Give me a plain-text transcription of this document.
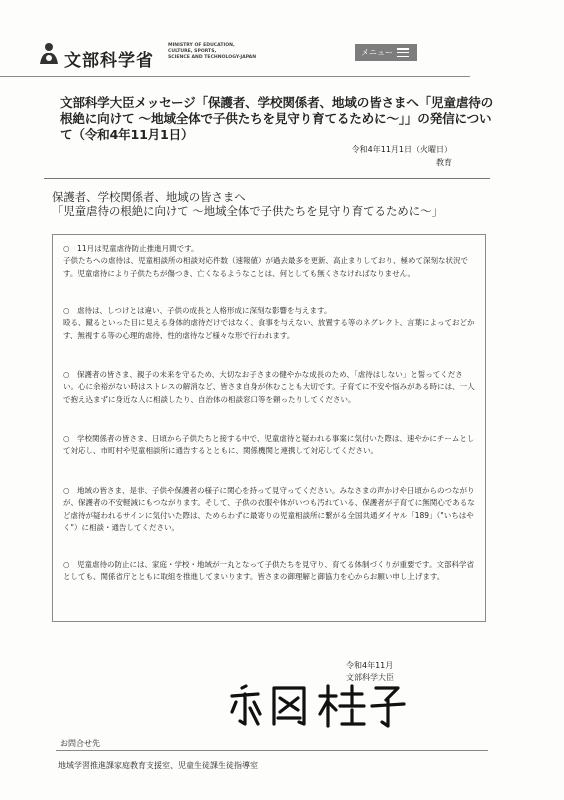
文部科学省
MINISTRY OF EDUCATION,
CULTURE, SPORTS,
SCIENCE AND TECHNOLOGY-JAPAN
メニュー
文部科学大臣メッセージ「保護者、学校関係者、地域の皆さまへ「児童虐待の根絶に向けて ～地域全体で子供たちを見守り育てるために～」」の発信について（令和4年11月1日）
令和4年11月1日（火曜日）
教育
保護者、学校関係者、地域の皆さまへ
「児童虐待の根絶に向けて ～地域全体で子供たちを見守り育てるために～」
○　11月は児童虐待防止推進月間です。
子供たちへの虐待は、児童相談所の相談対応件数（速報値）が過去最多を更新、高止まりしており、極めて深刻な状況です。児童虐待により子供たちが傷つき、亡くなるようなことは、何としても無くさなければなりません。
○　虐待は、しつけとは違い、子供の成長と人格形成に深刻な影響を与えます。
殴る、蹴るといった目に見える身体的虐待だけではなく、食事を与えない、放置する等のネグレクト、言葉によっておどかす、無視する等の心理的虐待、性的虐待など様々な形で行われます。
○　保護者の皆さま、親子の未来を守るため、大切なお子さまの健やかな成長のため、「虐待はしない」と誓ってください。心に余裕がない時はストレスの解消など、皆さま自身が休むことも大切です。子育てに不安や悩みがある時には、一人で抱え込まずに身近な人に相談したり、自治体の相談窓口等を頼ったりしてください。
○　学校関係者の皆さま、日頃から子供たちと接する中で、児童虐待と疑われる事案に気付いた際は、速やかにチームとして対応し、市町村や児童相談所に通告するとともに、関係機関と連携して対応してください。
○　地域の皆さま、是非、子供や保護者の様子に関心を持って見守ってください。みなさまの声かけや日頃からのつながりが、保護者の不安軽減にもつながります。そして、子供の衣服や体がいつも汚れている、保護者が子育てに無関心であるなど虐待が疑われるサインに気付いた際は、ためらわずに最寄りの児童相談所に繋がる全国共通ダイヤル「189」（"いちはやく"）に相談・通告してください。
○　児童虐待の防止には、家庭・学校・地域が一丸となって子供たちを見守り、育てる体制づくりが重要です。文部科学省としても、関係省庁とともに取組を推進してまいります。皆さまの御理解と御協力を心からお願い申し上げます。
令和4年11月
文部科学大臣
お問合せ先
地域学習推進課家庭教育支援室、児童生徒課生徒指導室
